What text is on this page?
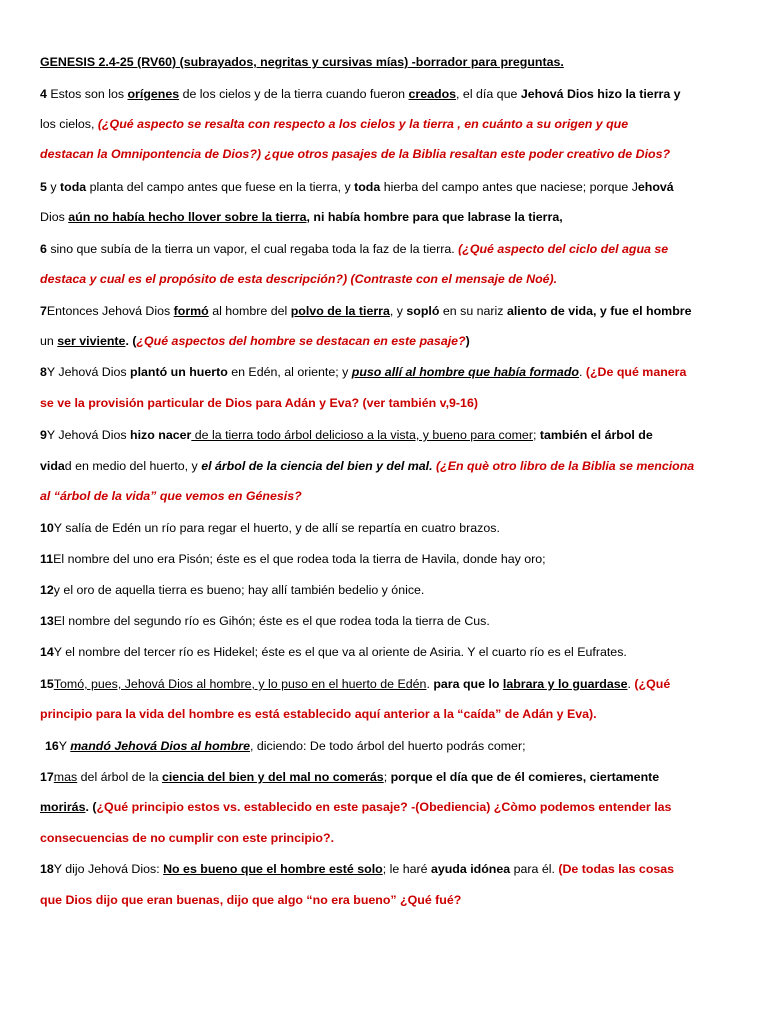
GENESIS 2.4-25 (RV60) (subrayados, negritas y cursivas mías) -borrador para preguntas.
4 Estos son los orígenes de los cielos y de la tierra cuando fueron creados, el día que Jehová Dios hizo la tierra y
los cielos, (¿Qué aspecto se resalta con respecto a los cielos y la tierra , en cuánto a su origen y que
destacan la Omnipontencia de Dios?) ¿que otros pasajes de la Biblia resaltan este poder creativo de Dios?
5 y toda planta del campo antes que fuese en la tierra, y toda hierba del campo antes que naciese; porque Jehová
Dios aún no había hecho llover sobre la tierra, ni había hombre para que labrase la tierra,
6 sino que subía de la tierra un vapor, el cual regaba toda la faz de la tierra. (¿Qué aspecto del ciclo del agua se
destaca y cual es el propósito de esta descripción?) (Contraste con el mensaje de Noé).
7Entonces Jehová Dios formó al hombre del polvo de la tierra, y sopló en su nariz aliento de vida, y fue el hombre
un ser viviente. (¿Qué aspectos del hombre se destacan en este pasaje?)
8Y Jehová Dios plantó un huerto en Edén, al oriente; y puso allí al hombre que había formado. (¿De qué manera
se ve la provisión particular de Dios para Adán y Eva? (ver también v,9-16)
9Y Jehová Dios hizo nacer de la tierra todo árbol delicioso a la vista, y bueno para comer; también el árbol de
vidad en medio del huerto, y el árbol de la ciencia del bien y del mal. (¿En què otro libro de la Biblia se menciona
al “árbol de la vida” que vemos en Génesis?
10Y salía de Edén un río para regar el huerto, y de allí se repartía en cuatro brazos.
11El nombre del uno era Pisón; éste es el que rodea toda la tierra de Havila, donde hay oro;
12y el oro de aquella tierra es bueno; hay allí también bedelio y ónice.
13El nombre del segundo río es Gihón; éste es el que rodea toda la tierra de Cus.
14Y el nombre del tercer río es Hidekel; éste es el que va al oriente de Asiria. Y el cuarto río es el Eufrates.
15Tomó, pues, Jehová Dios al hombre, y lo puso en el huerto de Edén. para que lo labrara y lo guardase. (¿Qué
principio para la vida del hombre es está establecido aquí anterior a la “caída” de Adán y Eva).
16Y mandó Jehová Dios al hombre, diciendo: De todo árbol del huerto podrás comer;
17mas del árbol de la ciencia del bien y del mal no comerás; porque el día que de él comieres, ciertamente
morirás. (¿Qué principio estos vs. establecido en este pasaje? -(Obediencia) ¿Còmo podemos entender las
consecuencias de no cumplir con este principio?.
18Y dijo Jehová Dios: No es bueno que el hombre esté solo; le haré ayuda idónea para él. (De todas las cosas
que Dios dijo que eran buenas, dijo que algo “no era bueno” ¿Qué fué?
